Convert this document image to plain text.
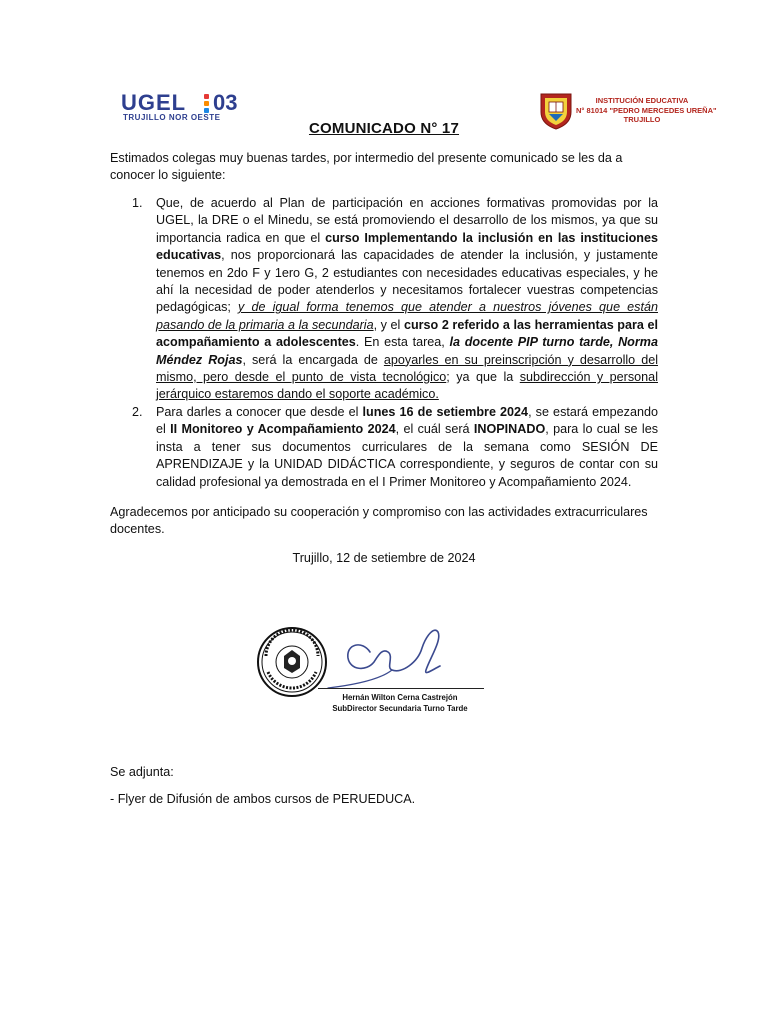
UGEL 03
TRUJILLO NOR OESTE
INSTITUCIÓN EDUCATIVA
N° 81014 "PEDRO MERCEDES UREÑA"
TRUJILLO
COMUNICADO N° 17
Estimados colegas muy buenas tardes, por intermedio del presente comunicado se les da a conocer lo siguiente:
1. Que, de acuerdo al Plan de participación en acciones formativas promovidas por la UGEL, la DRE o el Minedu, se está promoviendo el desarrollo de los mismos, ya que su importancia radica en que el curso Implementando la inclusión en las instituciones educativas, nos proporcionará las capacidades de atender la inclusión, y justamente tenemos en 2do F y 1ero G, 2 estudiantes con necesidades educativas especiales, y he ahí la necesidad de poder atenderlos y necesitamos fortalecer vuestras competencias pedagógicas; y de igual forma tenemos que atender a nuestros jóvenes que están pasando de la primaria a la secundaria, y el curso 2 referido a las herramientas para el acompañamiento a adolescentes. En esta tarea, la docente PIP turno tarde, Norma Méndez Rojas, será la encargada de apoyarles en su preinscripción y desarrollo del mismo, pero desde el punto de vista tecnológico; ya que la subdirección y personal jerárquico estaremos dando el soporte académico.
2. Para darles a conocer que desde el lunes 16 de setiembre 2024, se estará empezando el II Monitoreo y Acompañamiento 2024, el cuál será INOPINADO, para lo cual se les insta a tener sus documentos curriculares de la semana como SESIÓN DE APRENDIZAJE y la UNIDAD DIDÁCTICA correspondiente, y seguros de contar con su calidad profesional ya demostrada en el I Primer Monitoreo y Acompañamiento 2024.
Agradecemos por anticipado su cooperación y compromiso con las actividades extracurriculares docentes.
Trujillo, 12 de setiembre de 2024
Hernán Wilton Cerna Castrejón
SubDirector Secundaria Turno Tarde
Se adjunta:
- Flyer de Difusión de ambos cursos de PERUEDUCA.
